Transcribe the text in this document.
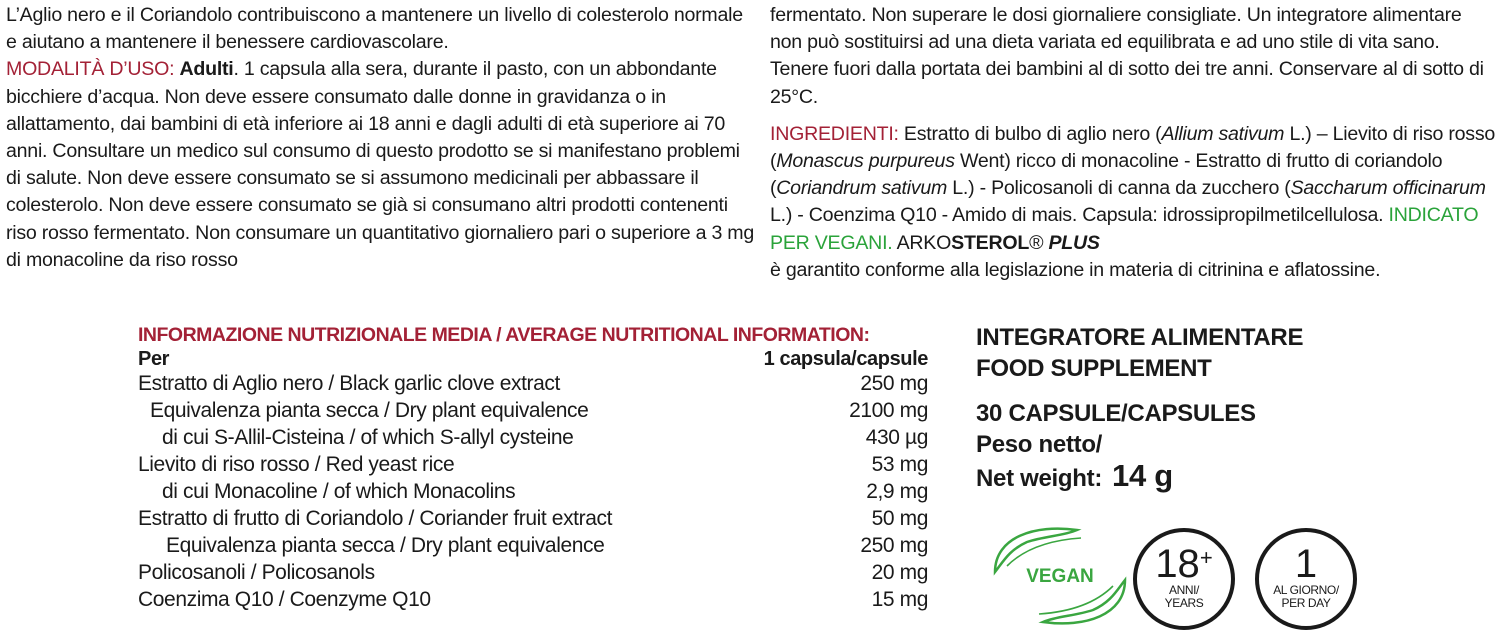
L’Aglio nero e il Coriandolo contribuiscono a mantenere un livello di colesterolo normale e aiutano a mantenere il benessere cardiovascolare.
MODALITÀ D’USO: Adulti. 1 capsula alla sera, durante il pasto, con un abbondante bicchiere d’acqua. Non deve essere consumato dalle donne in gravidanza o in allattamento, dai bambini di età inferiore ai 18 anni e dagli adulti di età superiore ai 70 anni. Consultare un medico sul consumo di questo prodotto se si manifestano problemi di salute. Non deve essere consumato se si assumono medicinali per abbassare il colesterolo. Non deve essere consumato se già si consumano altri prodotti contenenti riso rosso fermentato. Non consumare un quantitativo giornaliero pari o superiore a 3 mg di monacoline da riso rosso
fermentato. Non superare le dosi giornaliere consigliate. Un integratore alimentare non può sostituirsi ad una dieta variata ed equilibrata e ad uno stile di vita sano. Tenere fuori dalla portata dei bambini al di sotto dei tre anni. Conservare al di sotto di 25°C.
INGREDIENTI: Estratto di bulbo di aglio nero (Allium sativum L.) – Lievito di riso rosso (Monascus purpureus Went) ricco di monacoline - Estratto di frutto di coriandolo (Coriandrum sativum L.) - Policosanoli di canna da zucchero (Saccharum officinarum L.) - Coenzima Q10 - Amido di mais. Capsula: idrossipropilmetilcellulosa. INDICATO PER VEGANI. ARKOSTEROL® PLUS
è garantito conforme alla legislazione in materia di citrinina e aflatossine.
INFORMAZIONE NUTRIZIONALE MEDIA / AVERAGE NUTRITIONAL INFORMATION:
Per	1 capsula/capsule
Estratto di Aglio nero / Black garlic clove extract	250 mg
Equivalenza pianta secca / Dry plant equivalence	2100 mg
di cui S-Allil-Cisteina / of which S-allyl cysteine	430 µg
Lievito di riso rosso / Red yeast rice	53 mg
di cui Monacoline / of which Monacolins	2,9 mg
Estratto di frutto di Coriandolo / Coriander fruit extract	50 mg
Equivalenza pianta secca / Dry plant equivalence	250 mg
Policosanoli / Policosanols	20 mg
Coenzima Q10 / Coenzyme Q10	15 mg
INTEGRATORE ALIMENTARE
FOOD SUPPLEMENT
30 CAPSULE/CAPSULES
Peso netto/
Net weight: 14 g
VEGAN	18+
ANNI/
YEARS
1
AL GIORNO/
PER DAY
